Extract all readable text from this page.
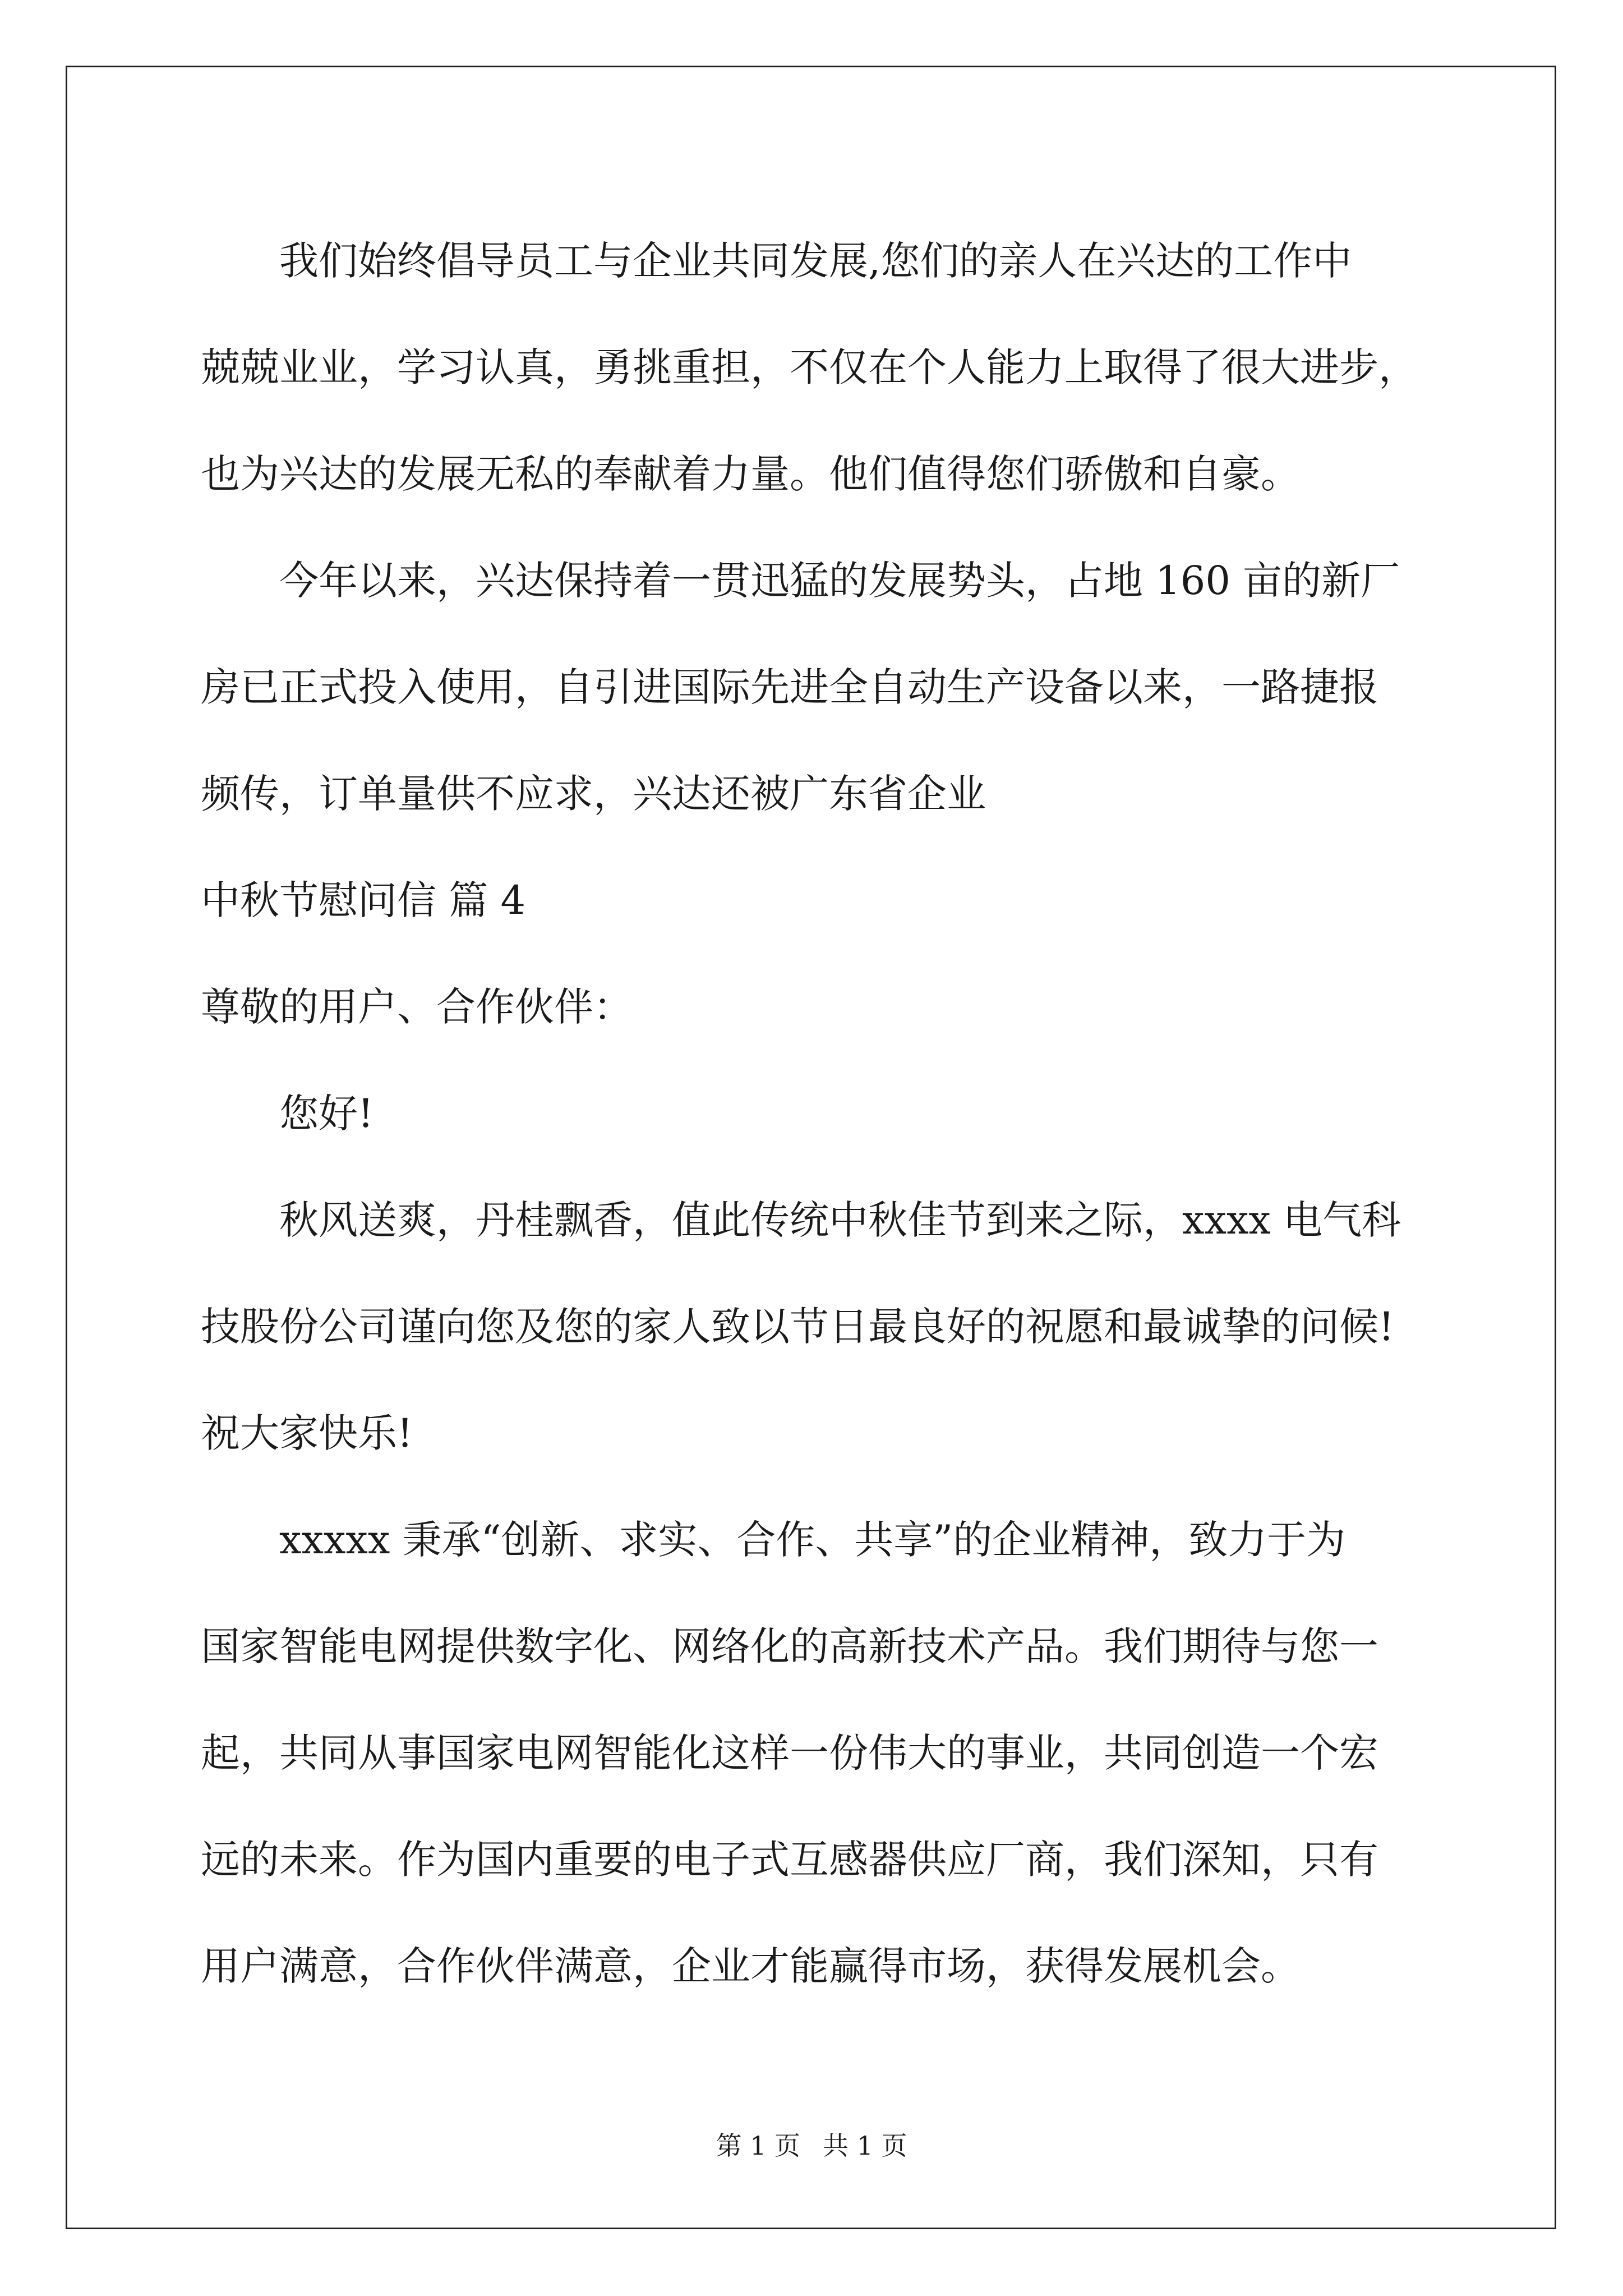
我们始终倡导员工与企业共同发展,您们的亲人在兴达的工作中
兢兢业业，学习认真，勇挑重担，不仅在个人能力上取得了很大进步，
也为兴达的发展无私的奉献着力量。他们值得您们骄傲和自豪。
今年以来，兴达保持着一贯迅猛的发展势头，占地 160 亩的新厂
房已正式投入使用，自引进国际先进全自动生产设备以来，一路捷报
频传，订单量供不应求，兴达还被广东省企业
中秋节慰问信 篇 4
尊敬的用户、合作伙伴：
您好!
秋风送爽，丹桂飘香，值此传统中秋佳节到来之际，xxxx 电气科
技股份公司谨向您及您的家人致以节日最良好的祝愿和最诚挚的问候!
祝大家快乐!
xxxxx 秉承“创新、求实、合作、共享”的企业精神，致力于为
国家智能电网提供数字化、网络化的高新技术产品。我们期待与您一
起，共同从事国家电网智能化这样一份伟大的事业，共同创造一个宏
远的未来。作为国内重要的电子式互感器供应厂商，我们深知，只有
用户满意，合作伙伴满意，企业才能赢得市场，获得发展机会。
第 1 页 共 1 页
